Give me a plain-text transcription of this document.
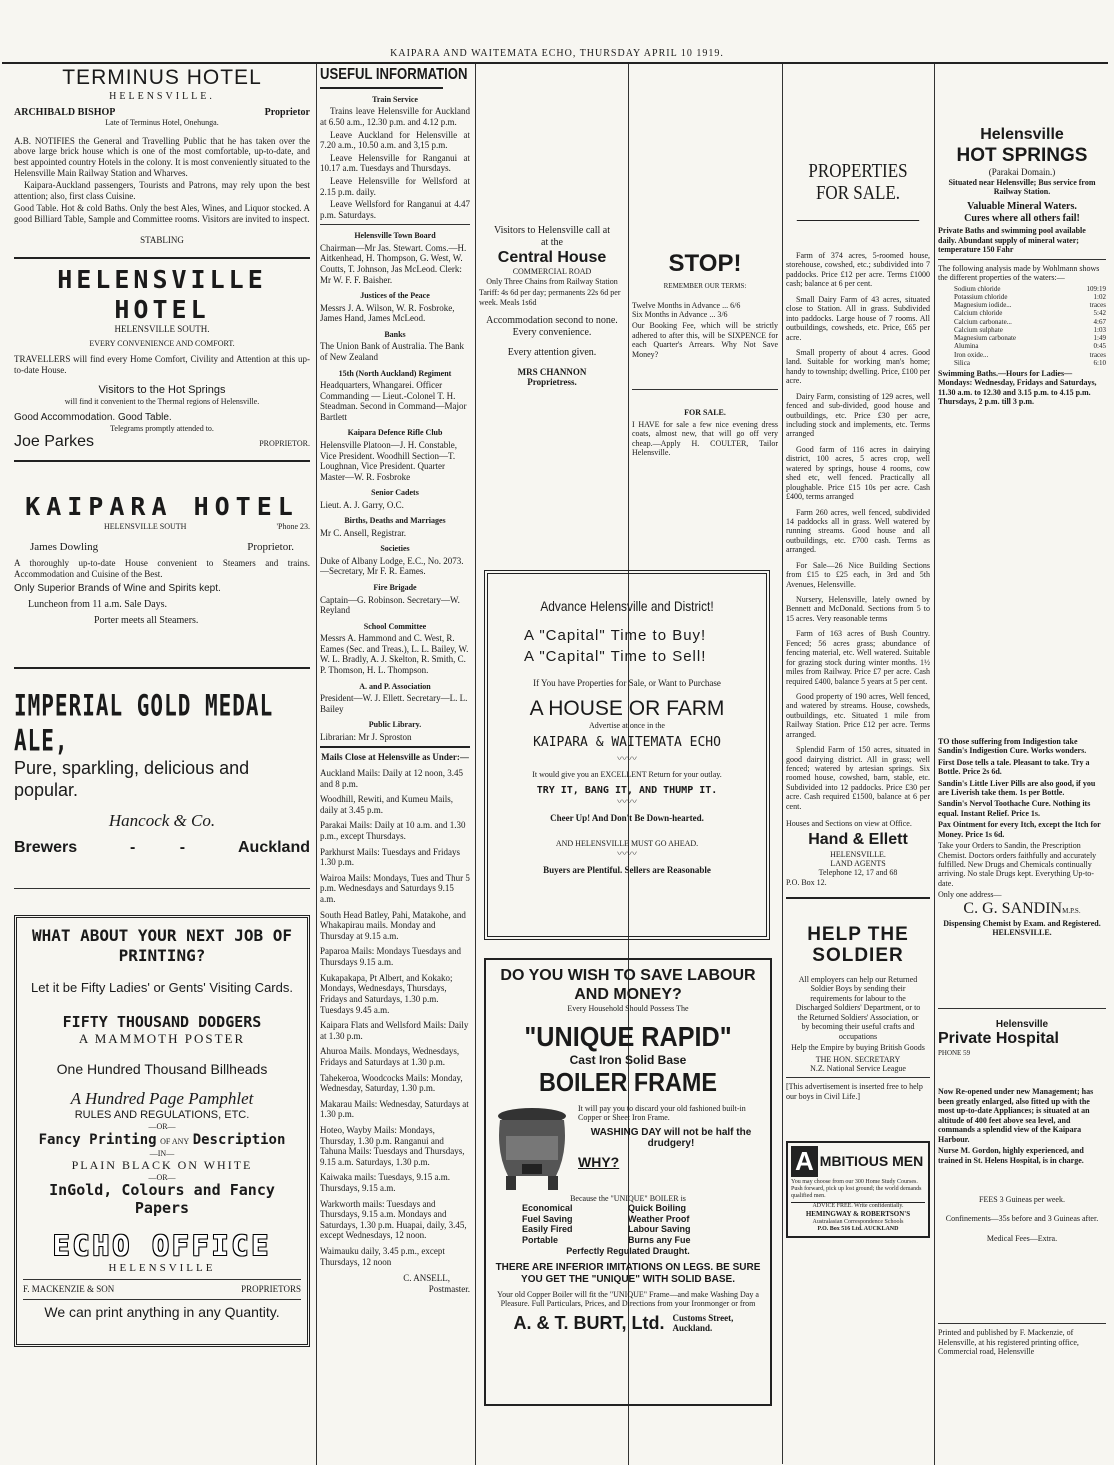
KAIPARA AND WAITEMATA ECHO, THURSDAY APRIL 10 1919.
TERMINUS HOTEL
HELENSVILLE.
ARCHIBALD BISHOP	Proprietor
Late of Terminus Hotel, Onehunga.

A.B. NOTIFIES the General and Travelling Public that he has taken over the above large brick house which is one of the most comfortable, up-to-date, and best appointed country Hotels in the colony. It is most conveniently situated to the Helensville Main Railway Station and Wharves.

Kaipara-Auckland passengers, Tourists and Patrons, may rely upon the best attention; also, first class Cuisine.

Good Table. Hot & cold Baths. Only the best Ales, Wines, and Liquor stocked. A good Billiard Table, Sample and Committee rooms. Visitors are invited to inspect.

STABLING
HELENSVILLE HOTEL
HELENSVILLE SOUTH.
EVERY CONVENIENCE AND COMFORT.

TRAVELLERS will find every Home Comfort, Civility and Attention at this up-to-date House.

Visitors to the Hot Springs
will find it convenient to the Thermal regions of Helensville.
Good Accommodation. Good Table.
Telegrams promptly attended to.
Joe Parkes	PROPRIETOR.
KAIPARA HOTEL
HELENSVILLE SOUTH	'Phone 23.
James Dowling	Proprietor.

A thoroughly up-to-date House convenient to Steamers and trains. Accommodation and Cuisine of the Best.

Only Superior Brands of Wine and Spirits kept.
Luncheon from 11 a.m. Sale Days.
Porter meets all Steamers.
IMPERIAL GOLD MEDAL ALE,
Pure, sparkling, delicious and popular.
Hancock & Co.
Brewers	-          -	Auckland
WHAT ABOUT YOUR NEXT JOB OF PRINTING?
Let it be Fifty Ladies' or Gents' Visiting Cards.
FIFTY THOUSAND DODGERS
A MAMMOTH POSTER
One Hundred Thousand Billheads
A Hundred Page Pamphlet
RULES AND REGULATIONS, ETC.
—OR—
Fancy Printing OF ANY Description
—IN—
PLAIN BLACK ON WHITE
—OR—
InGold, Colours and Fancy Papers
ECHO OFFICE
HELENSVILLE
F. MACKENZIE & SON	PROPRIETORS
We can print anything in any Quantity.
USEFUL INFORMATION
Train Service

Trains leave Helensville for Auckland at 6.50 a.m., 12.30 p.m. and 4.12 p.m.

Leave Auckland for Helensville at 7.20 a.m., 10.50 a.m. and 3,15 p.m.

Leave Helensville for Ranganui at 10.17 a.m. Tuesdays and Thursdays.

Leave Helensville for Wellsford at 2.15 p.m. daily.

Leave Wellsford for Ranganui at 4.47 p.m. Saturdays.

Helensville Town Board

Chairman—Mr Jas. Stewart. Coms.—H. Aitkenhead, H. Thompson, G. West, W. Coutts, T. Johnson, Jas McLeod. Clerk: Mr W. F. F. Baisher.

Justices of the Peace

Messrs J. A. Wilson, W. R. Fosbroke, James Hand, James McLeod.

Banks

The Union Bank of Australia. The Bank of New Zealand

15th (North Auckland) Regiment

Headquarters, Whangarei. Officer Commanding — Lieut.-Colonel T. H. Steadman. Second in Command—Major Bartlett

Kaipara Defence Rifle Club

Helensville Platoon—J. H. Constable, Vice President. Woodhill Section—T. Loughnan, Vice President. Quarter Master—W. R. Fosbroke

Senior Cadets

Lieut. A. J. Garry, O.C.

Births, Deaths and Marriages

Mr C. Ansell, Registrar.

Societies

Duke of Albany Lodge, E.C., No. 2073.—Secretary, Mr F. R. Eames.

Fire Brigade

Captain—G. Robinson. Secretary—W. Reyland

School Committee

Messrs A. Hammond and C. West, R. Eames (Sec. and Treas.), L. L. Bailey, W. W. L. Bradly, A. J. Skelton, R. Smith, C. P. Thomson, H. L. Thompson.

A. and P. Association

President—W. J. Ellett. Secretary—L. L. Bailey

Public Library.

Librarian: Mr J. Sproston

Mails Close at Helensville as Under:—

Auckland Mails: Daily at 12 noon, 3.45 and 8 p.m.

Woodhill, Rewiti, and Kumeu Mails, daily at 3.45 p.m.

Parakai Mails: Daily at 10 a.m. and 1.30 p.m., except Thursdays.

Parkhurst Mails: Tuesdays and Fridays 1.30 p.m.

Wairoa Mails: Mondays, Tues and Thur 5 p.m. Wednesdays and Saturdays 9.15 a.m.

South Head Batley, Pahi, Matakohe, and Whakapirau mails. Monday and Thursday at 9.15 a.m.

Paparoa Mails: Mondays Tuesdays and Thursdays 9.15 a.m.

Kukapakapa, Pt Albert, and Kokako; Mondays, Wednesdays, Thursdays, Fridays and Saturdays, 1.30 p.m. Tuesdays 9.45 a.m.

Kaipara Flats and Wellsford Mails: Daily at 1.30 p.m.

Ahuroa Mails. Mondays, Wednesdays, Fridays and Saturdays at 1.30 p.m.

Tahekeroa, Woodcocks Mails: Monday, Wednesday, Saturday, 1.30 p.m.

Makarau Mails: Wednesday, Saturdays at 1.30 p.m.

Hoteo, Wayby Mails: Mondays, Thursday, 1.30 p.m. Ranganui and Tahuna Mails: Tuesdays and Thursdays, 9.15 a.m. Saturdays, 1.30 p.m.

Kaiwaka mails: Tuesdays, 9.15 a.m. Thursdays, 9.15 a.m.

Warkworth mails: Tuesdays and Thursdays, 9.15 a.m. Mondays and Saturdays, 1.30 p.m. Huapai, daily, 3.45, except Wednesdays, 12 noon.

Waimauku daily, 3.45 p.m., except Thursdays, 12 noon

C. ANSELL,
Postmaster.
Visitors to Helensville call at
at the
Central House
COMMERCIAL ROAD
Only Three Chains from Railway Station

Tariff: 4s 6d per day; permanents 22s 6d per week. Meals 1s6d

Accommodation second to none. Every convenience.
Every attention given.
MRS CHANNON
Proprietress.
STOP!
REMEMBER OUR TERMS:
Twelve Months in Advance ... 6/6
Six Months in Advance ... 3/6

Our Booking Fee, which will be strictly adhered to after this, will be SIXPENCE for each Quarter's Arrears. Why Not Save Money?

FOR SALE.

I HAVE for sale a few nice evening dress coats, almost new, that will go off very cheap.—Apply H. COULTER, Tailor Helensville.

Advance Helensville and District!
A "Capital" Time to Buy!
A "Capital" Time to Sell!
If You have Properties for Sale, or Want to Purchase
A HOUSE OR FARM
Advertise at once in the
KAIPARA & WAITEMATA ECHO
〰〰
It would give you an EXCELLENT Return for your outlay.
TRY IT, BANG IT, AND THUMP IT.
〰〰
Cheer Up! And Don't Be Down-hearted.
AND HELENSVILLE MUST GO AHEAD.
〰〰
Buyers are Plentiful. Sellers are Reasonable
DO YOU WISH TO SAVE LABOUR AND MONEY?
Every Household Should Possess The
"UNIQUE RAPID"
Cast Iron Solid Base
BOILER FRAME

It will pay you to discard your old fashioned built-in Copper or Sheet Iron Frame.

WASHING DAY will not be half the drudgery!
WHY?
Because the "UNIQUE" BOILER is
Economical	Quick Boiling
Fuel Saving	Weather Proof
Easily Fired	Labour Saving
Portable	Burns any Fue
Perfectly Regulated Draught.
THERE ARE INFERIOR IMITATIONS ON LEGS. BE SURE YOU GET THE "UNIQUE" WITH SOLID BASE.

Your old Copper Boiler will fit the "UNIQUE" Frame—and make Washing Day a Pleasure. Full Particulars, Prices, and Directions from your Ironmonger or from

A. & T. BURT, Ltd. Customs Street, Auckland.
PROPERTIES FOR SALE.

Farm of 374 acres, 5-roomed house, storehouse, cowshed, etc.; subdivided into 7 paddocks. Price £12 per acre. Terms £1000 cash; balance at 6 per cent.

Small Dairy Farm of 43 acres, situated close to Station. All in grass. Subdivided into paddocks. Large house of 7 rooms. All outbuildings, cowsheds, etc. Price, £65 per acre.

Small property of about 4 acres. Good land. Suitable for working man's home; handy to township; dwelling. Price, £100 per acre.

Dairy Farm, consisting of 129 acres, well fenced and sub-divided, good house and outbuildings, etc. Price £30 per acre, including stock and implements, etc. Terms arranged

Good farm of 116 acres in dairying district, 100 acres, 5 acres crop, well watered by springs, house 4 rooms, cow shed etc, well fenced. Practically all ploughable. Price £15 10s per acre. Cash £400, terms arranged

Farm 260 acres, well fenced, subdivided 14 paddocks all in grass. Well watered by running streams. Good house and all outbuildings, etc. £700 cash. Terms as arranged.

For Sale—26 Nice Building Sections from £15 to £25 each, in 3rd and 5th Avenues, Helensville.

Nursery, Helensville, lately owned by Bennett and McDonald. Sections from 5 to 15 acres. Very reasonable terms

Farm of 163 acres of Bush Country. Fenced; 56 acres grass; abundance of fencing material, etc. Well watered. Suitable for grazing stock during winter months. 1½ miles from Railway. Price £7 per acre. Cash required £400, balance 5 years at 5 per cent.

Good property of 190 acres, Well fenced, and watered by streams. House, cowsheds, outbuildings, etc. Situated 1 mile from Railway Station. Price £12 per acre. Terms arranged.

Splendid Farm of 150 acres, situated in good dairying district. All in grass; well fenced; watered by artesian springs. Six roomed house, cowshed, barn, stable, etc. Subdivided into 12 paddocks. Price £30 per acre. Cash required £1500, balance at 6 per cent.

Houses and Sections on view at Office.

Hand & Ellett
HELENSVILLE.
LAND AGENTS
Telephone 12, 17 and 68
P.O. Box 12.
HELP THE SOLDIER

All employers can help our Returned Soldier Boys by sending their requirements for labour to the Discharged Soldiers' Department, or to the Returned Soldiers' Association, or by becoming their useful crafts and occupations

Help the Empire by buying British Goods

THE HON. SECRETARY
N.Z. National Service League

[This advertisement is inserted free to help our boys in Civil Life.]

A MBITIOUS MEN

You may choose from our 300 Home Study Courses. Push forward, pick up lost ground; the world demands qualified men.

ADVICE FREE. Write confidentially.
HEMINGWAY & ROBERTSON'S
Australasian Correspondence Schools
P.O. Box 516 Ltd. AUCKLAND
Helensville
HOT SPRINGS
(Parakai Domain.)
Situated near Helensville; Bus service from Railway Station.
Valuable Mineral Waters.
Cures where all others fail!

Private Baths and swimming pool available daily. Abundant supply of mineral water; temperature 150 Fahr

The following analysis made by Wohlmann shows the different properties of the waters:—

Sodium chloride	109:19
Potassium chloride	1:02
Magnesium iodide...	traces
Calcium chloride	5:42
Calcium carbonate...	4:67
Calcium sulphate	1:03
Magnesium carbonate	1:49
Alumina	0:45
Iron oxide...	traces
Silica	6:10

Swimming Baths.—Hours for Ladies—Mondays: Wednesday, Fridays and Saturdays, 11.30 a.m. to 12.30 and 3.15 p.m. to 4.15 p.m. Thursdays, 2 p.m. till 3 p.m.

TO those suffering from Indigestion take Sandin's Indigestion Cure. Works wonders.

First Dose tells a tale. Pleasant to take. Try a Bottle. Price 2s 6d.

Sandin's Little Liver Pills are also good, if you are Liverish take them. 1s per Bottle.

Sandin's Nervol Toothache Cure. Nothing its equal. Instant Relief. Price 1s.

Pax Ointment for every Itch, except the Itch for Money. Price 1s 6d.

Take your Orders to Sandin, the Prescription Chemist. Doctors orders faithfully and accurately fulfilled. New Drugs and Chemicals continually arriving. No stale Drugs kept. Everything Up-to-date.

Only one address—
C. G. SANDINM.P.S.
Dispensing Chemist by Exam. and Registered.
HELENSVILLE.
Helensville
Private Hospital
PHONE 59

Now Re-opened under new Management; has been greatly enlarged, also fitted up with the most up-to-date Appliances; is situated at an altitude of 400 feet above sea level, and commands a splendid view of the Kaipara Harbour.

Nurse M. Gordon, highly experienced, and trained in St. Helens Hospital, is in charge.

FEES 3 Guineas per week.
Confinements—35s before and 3 Guineas after.
Medical Fees—Extra.

Printed and published by F. Mackenzie, of Helensville, at his registered printing office, Commercial road, Helensville
